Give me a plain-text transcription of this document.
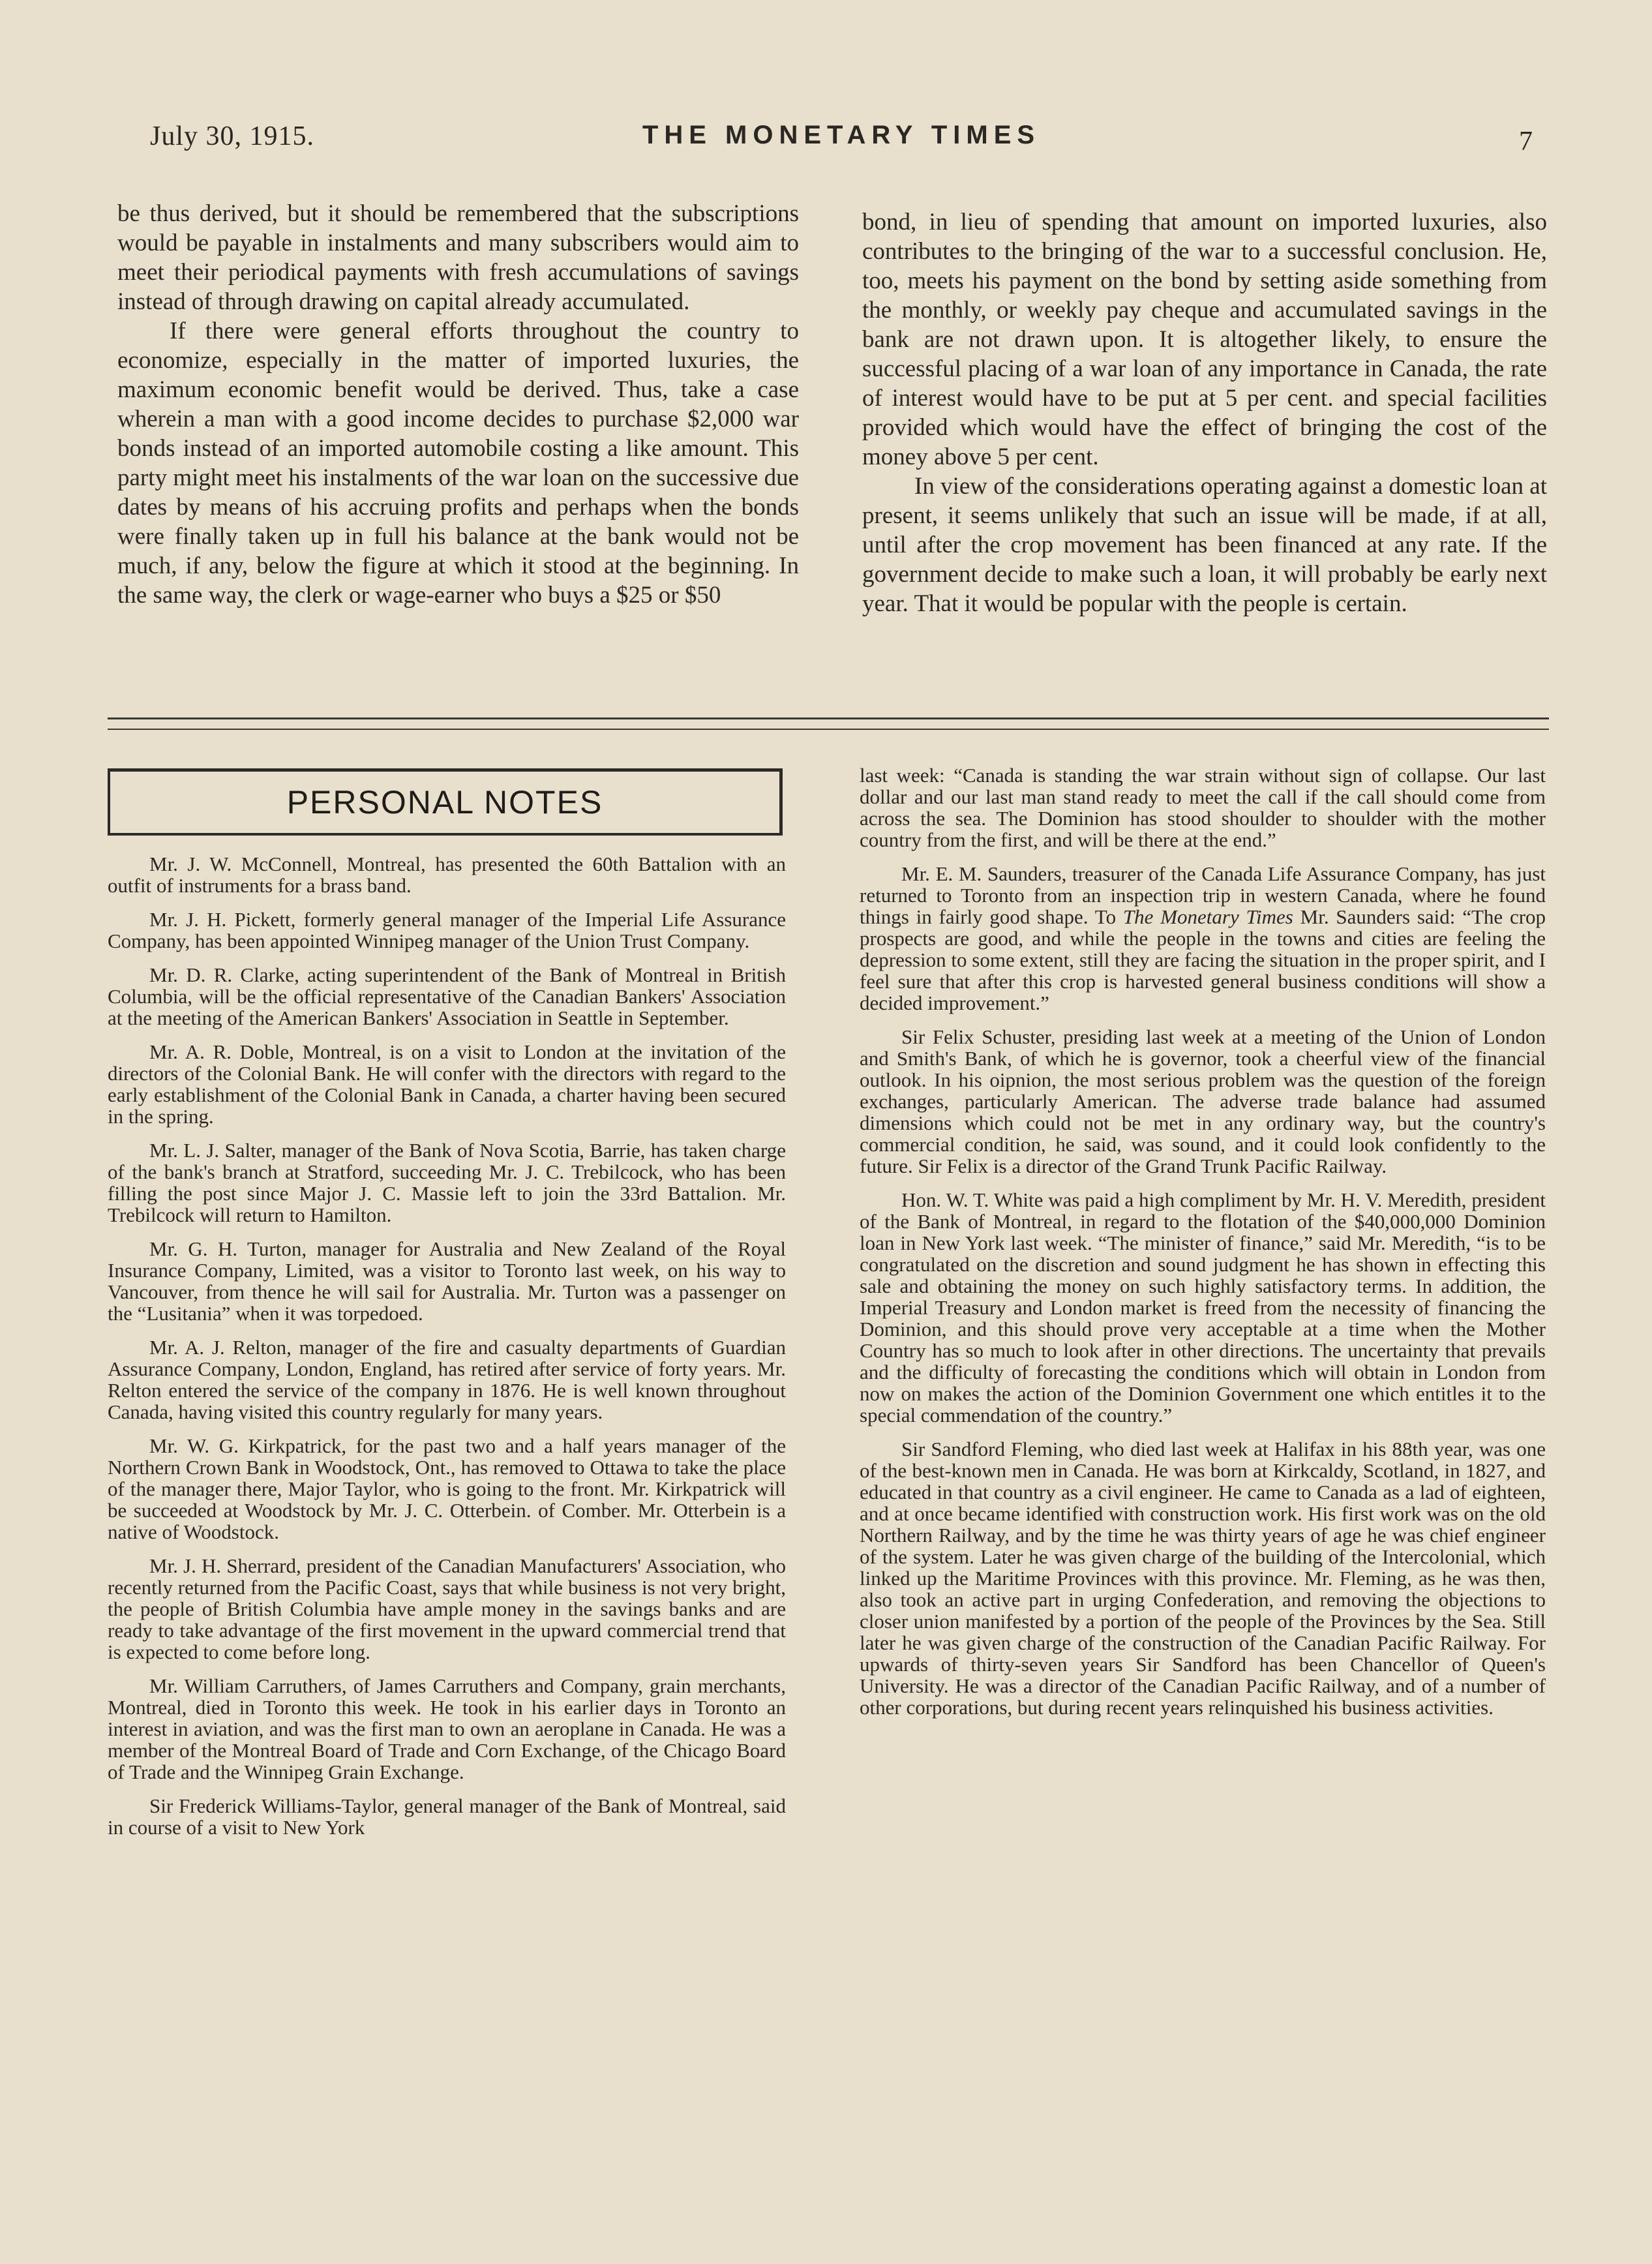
July 30, 1915.	THE MONETARY TIMES	7

be thus derived, but it should be remembered that the subscriptions would be payable in instalments and many subscribers would aim to meet their periodical payments with fresh accumulations of savings instead of through drawing on capital already accumulated.

If there were general efforts throughout the country to economize, especially in the matter of imported luxuries, the maximum economic benefit would be derived. Thus, take a case wherein a man with a good income decides to purchase $2,000 war bonds instead of an imported automobile costing a like amount. This party might meet his instalments of the war loan on the successive due dates by means of his accruing profits and perhaps when the bonds were finally taken up in full his balance at the bank would not be much, if any, below the figure at which it stood at the beginning. In the same way, the clerk or wage-earner who buys a $25 or $50

bond, in lieu of spending that amount on imported luxuries, also contributes to the bringing of the war to a successful conclusion. He, too, meets his payment on the bond by setting aside something from the monthly, or weekly pay cheque and accumulated savings in the bank are not drawn upon. It is altogether likely, to ensure the successful placing of a war loan of any importance in Canada, the rate of interest would have to be put at 5 per cent. and special facilities provided which would have the effect of bringing the cost of the money above 5 per cent.

In view of the considerations operating against a domestic loan at present, it seems unlikely that such an issue will be made, if at all, until after the crop movement has been financed at any rate. If the government decide to make such a loan, it will probably be early next year. That it would be popular with the people is certain.

PERSONAL NOTES

Mr. J. W. McConnell, Montreal, has presented the 60th Battalion with an outfit of instruments for a brass band.

Mr. J. H. Pickett, formerly general manager of the Imperial Life Assurance Company, has been appointed Winnipeg manager of the Union Trust Company.

Mr. D. R. Clarke, acting superintendent of the Bank of Montreal in British Columbia, will be the official representative of the Canadian Bankers' Association at the meeting of the American Bankers' Association in Seattle in September.

Mr. A. R. Doble, Montreal, is on a visit to London at the invitation of the directors of the Colonial Bank. He will confer with the directors with regard to the early establishment of the Colonial Bank in Canada, a charter having been secured in the spring.

Mr. L. J. Salter, manager of the Bank of Nova Scotia, Barrie, has taken charge of the bank's branch at Stratford, succeeding Mr. J. C. Trebilcock, who has been filling the post since Major J. C. Massie left to join the 33rd Battalion. Mr. Trebilcock will return to Hamilton.

Mr. G. H. Turton, manager for Australia and New Zealand of the Royal Insurance Company, Limited, was a visitor to Toronto last week, on his way to Vancouver, from thence he will sail for Australia. Mr. Turton was a passenger on the “Lusitania” when it was torpedoed.

Mr. A. J. Relton, manager of the fire and casualty departments of Guardian Assurance Company, London, England, has retired after service of forty years. Mr. Relton entered the service of the company in 1876. He is well known throughout Canada, having visited this country regularly for many years.

Mr. W. G. Kirkpatrick, for the past two and a half years manager of the Northern Crown Bank in Woodstock, Ont., has removed to Ottawa to take the place of the manager there, Major Taylor, who is going to the front. Mr. Kirkpatrick will be succeeded at Woodstock by Mr. J. C. Otterbein. of Comber. Mr. Otterbein is a native of Woodstock.

Mr. J. H. Sherrard, president of the Canadian Manufacturers' Association, who recently returned from the Pacific Coast, says that while business is not very bright, the people of British Columbia have ample money in the savings banks and are ready to take advantage of the first movement in the upward commercial trend that is expected to come before long.

Mr. William Carruthers, of James Carruthers and Company, grain merchants, Montreal, died in Toronto this week. He took in his earlier days in Toronto an interest in aviation, and was the first man to own an aeroplane in Canada. He was a member of the Montreal Board of Trade and Corn Exchange, of the Chicago Board of Trade and the Winnipeg Grain Exchange.

Sir Frederick Williams-Taylor, general manager of the Bank of Montreal, said in course of a visit to New York

last week: “Canada is standing the war strain without sign of collapse. Our last dollar and our last man stand ready to meet the call if the call should come from across the sea. The Dominion has stood shoulder to shoulder with the mother country from the first, and will be there at the end.”

Mr. E. M. Saunders, treasurer of the Canada Life Assurance Company, has just returned to Toronto from an inspection trip in western Canada, where he found things in fairly good shape. To The Monetary Times Mr. Saunders said: “The crop prospects are good, and while the people in the towns and cities are feeling the depression to some extent, still they are facing the situation in the proper spirit, and I feel sure that after this crop is harvested general business conditions will show a decided improvement.”

Sir Felix Schuster, presiding last week at a meeting of the Union of London and Smith's Bank, of which he is governor, took a cheerful view of the financial outlook. In his oipnion, the most serious problem was the question of the foreign exchanges, particularly American. The adverse trade balance had assumed dimensions which could not be met in any ordinary way, but the country's commercial condition, he said, was sound, and it could look confidently to the future. Sir Felix is a director of the Grand Trunk Pacific Railway.

Hon. W. T. White was paid a high compliment by Mr. H. V. Meredith, president of the Bank of Montreal, in regard to the flotation of the $40,000,000 Dominion loan in New York last week. “The minister of finance,” said Mr. Meredith, “is to be congratulated on the discretion and sound judgment he has shown in effecting this sale and obtaining the money on such highly satisfactory terms. In addition, the Imperial Treasury and London market is freed from the necessity of financing the Dominion, and this should prove very acceptable at a time when the Mother Country has so much to look after in other directions. The uncertainty that prevails and the difficulty of forecasting the conditions which will obtain in London from now on makes the action of the Dominion Government one which entitles it to the special commendation of the country.”

Sir Sandford Fleming, who died last week at Halifax in his 88th year, was one of the best-known men in Canada. He was born at Kirkcaldy, Scotland, in 1827, and educated in that country as a civil engineer. He came to Canada as a lad of eighteen, and at once became identified with construction work. His first work was on the old Northern Railway, and by the time he was thirty years of age he was chief engineer of the system. Later he was given charge of the building of the Intercolonial, which linked up the Maritime Provinces with this province. Mr. Fleming, as he was then, also took an active part in urging Confederation, and removing the objections to closer union manifested by a portion of the people of the Provinces by the Sea. Still later he was given charge of the construction of the Canadian Pacific Railway. For upwards of thirty-seven years Sir Sandford has been Chancellor of Queen's University. He was a director of the Canadian Pacific Railway, and of a number of other corporations, but during recent years relinquished his business activities.
